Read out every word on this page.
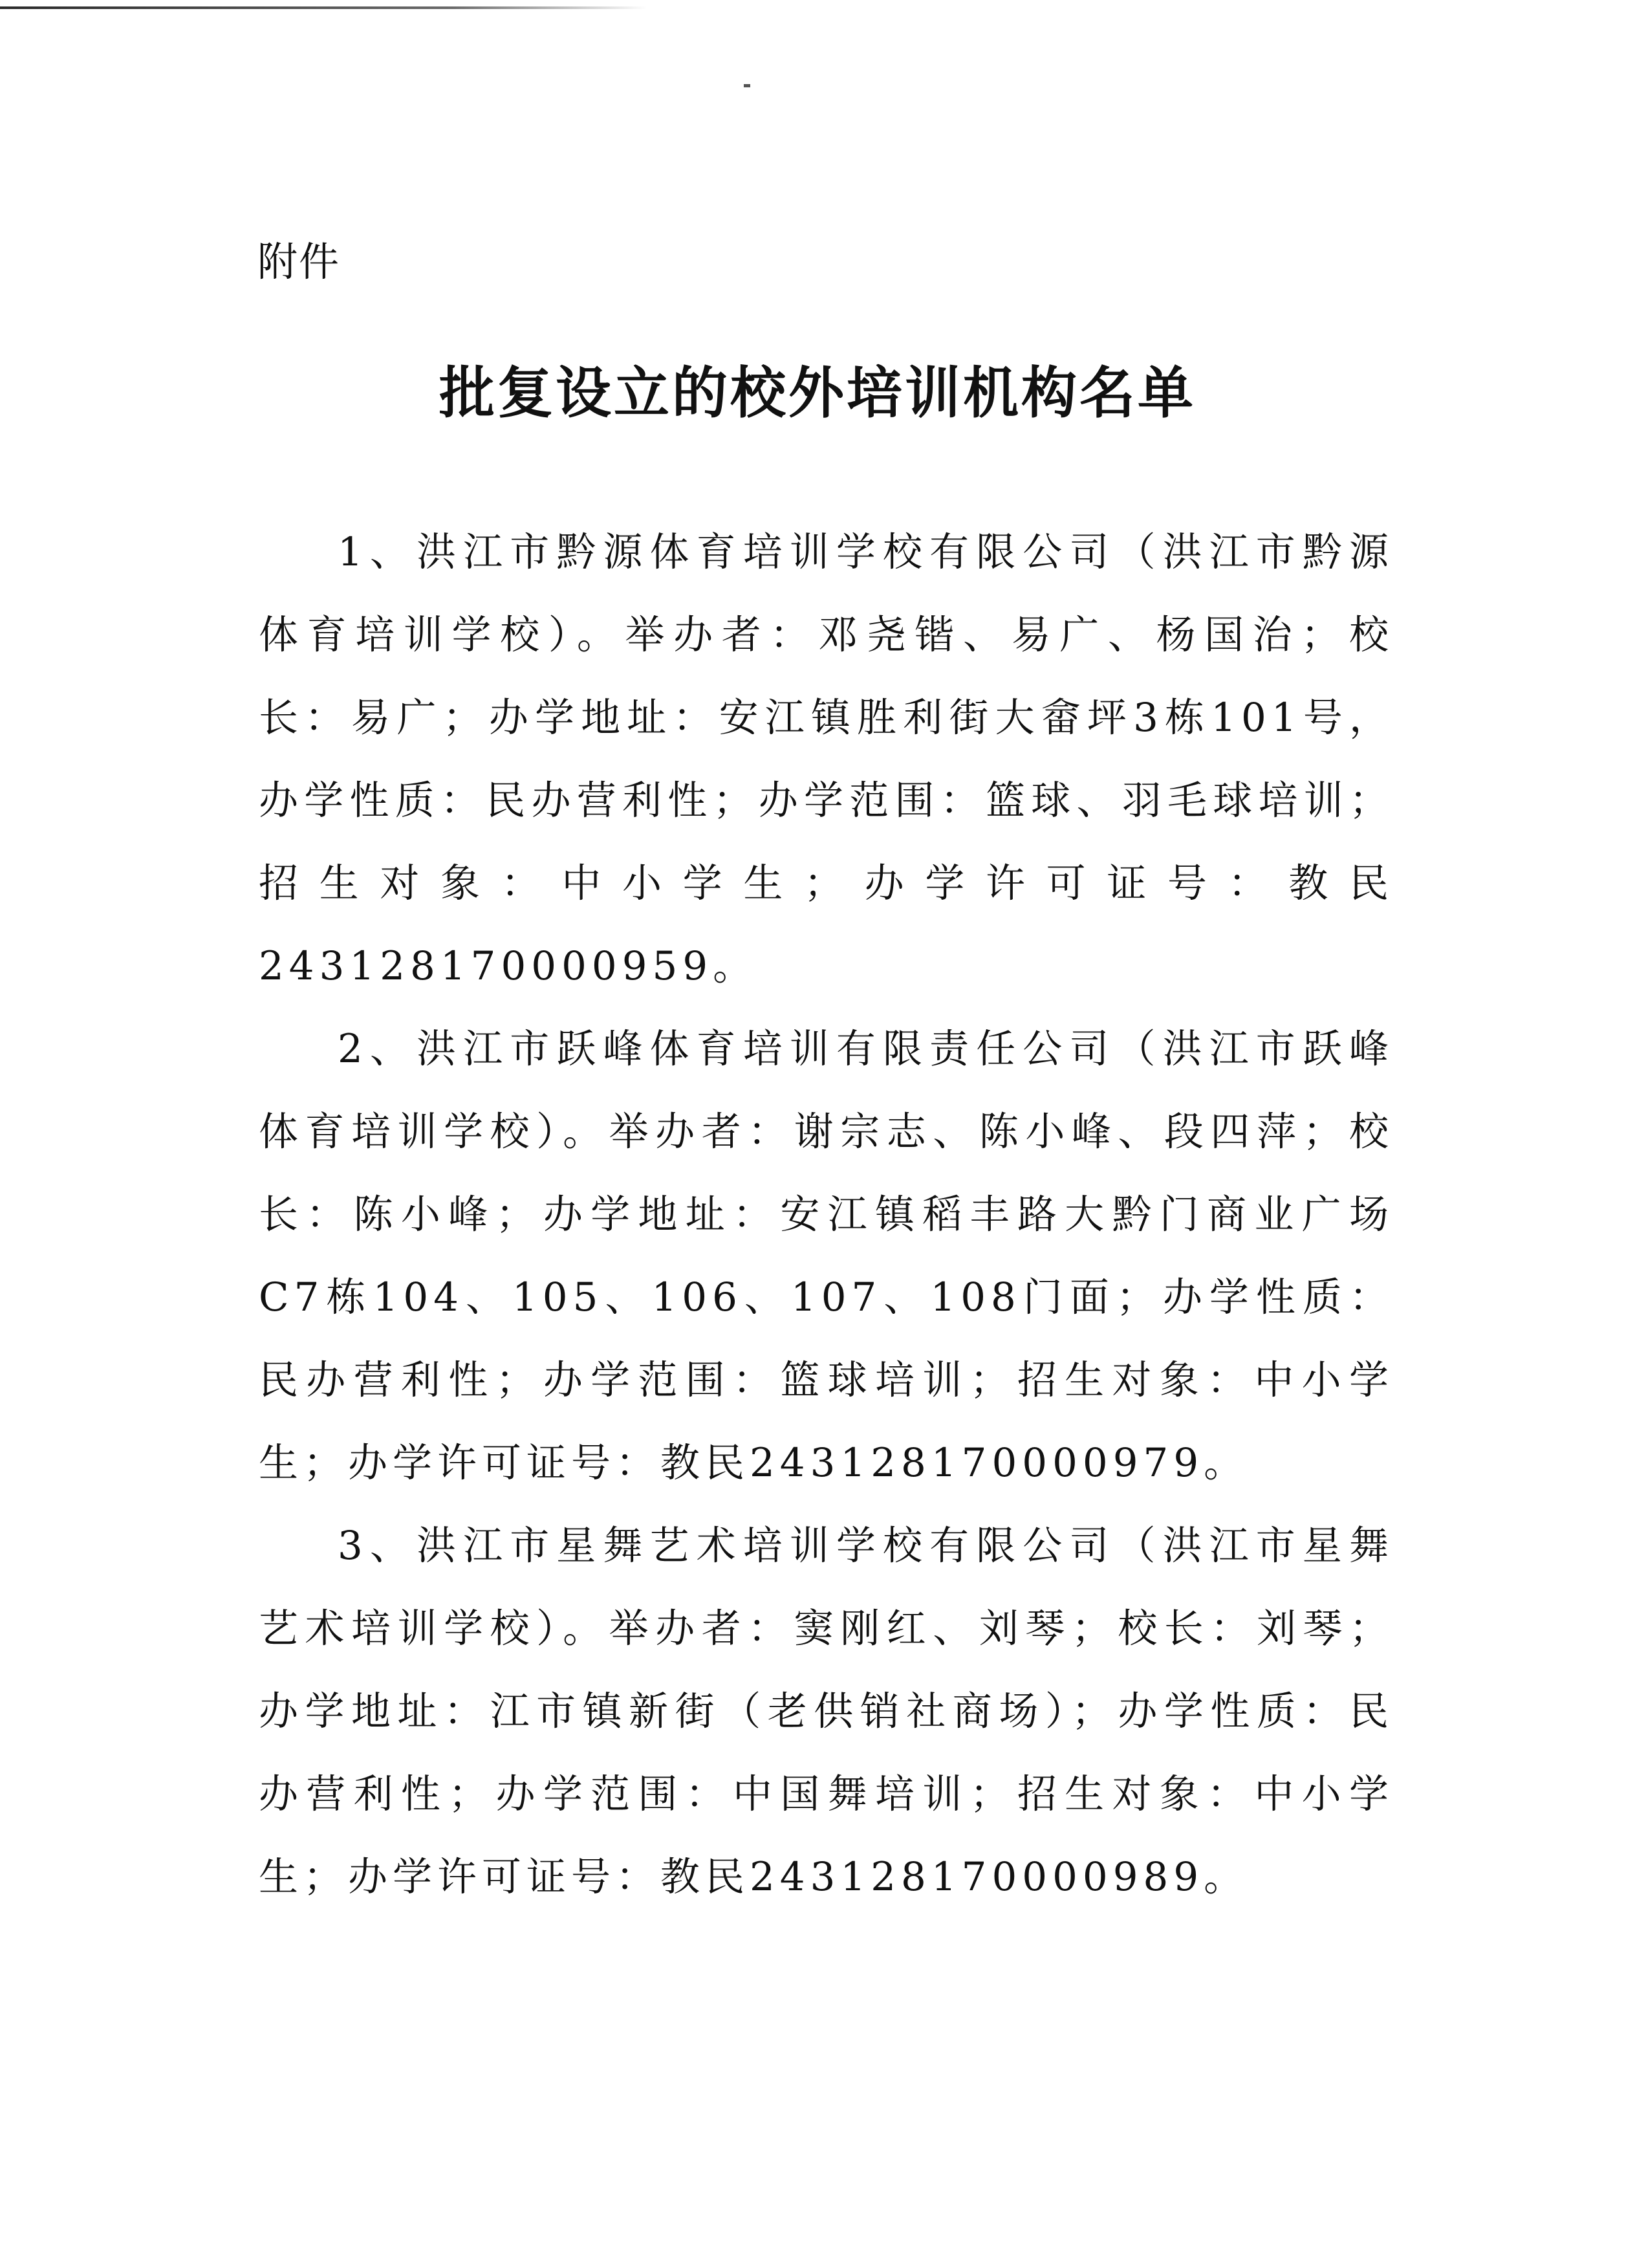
附件
批复设立的校外培训机构名单

1、洪江市黔源体育培训学校有限公司（洪江市黔源体育培训学校）。举办者：邓尧锴、易广、杨国治；校长：易广；办学地址：安江镇胜利街大畲坪3栋101号，办学性质：民办营利性；办学范围：篮球、羽毛球培训；招生对象：中小学生；办学许可证号：教民243128170000959。

2、洪江市跃峰体育培训有限责任公司（洪江市跃峰体育培训学校）。举办者：谢宗志、陈小峰、段四萍；校长：陈小峰；办学地址：安江镇稻丰路大黔门商业广场C7栋104、105、106、107、108门面；办学性质：民办营利性；办学范围：篮球培训；招生对象：中小学生；办学许可证号：教民243128170000979。

3、洪江市星舞艺术培训学校有限公司（洪江市星舞艺术培训学校）。举办者：窦刚红、刘琴；校长：刘琴；办学地址：江市镇新街（老供销社商场）；办学性质：民办营利性；办学范围：中国舞培训；招生对象：中小学生；办学许可证号：教民243128170000989。
